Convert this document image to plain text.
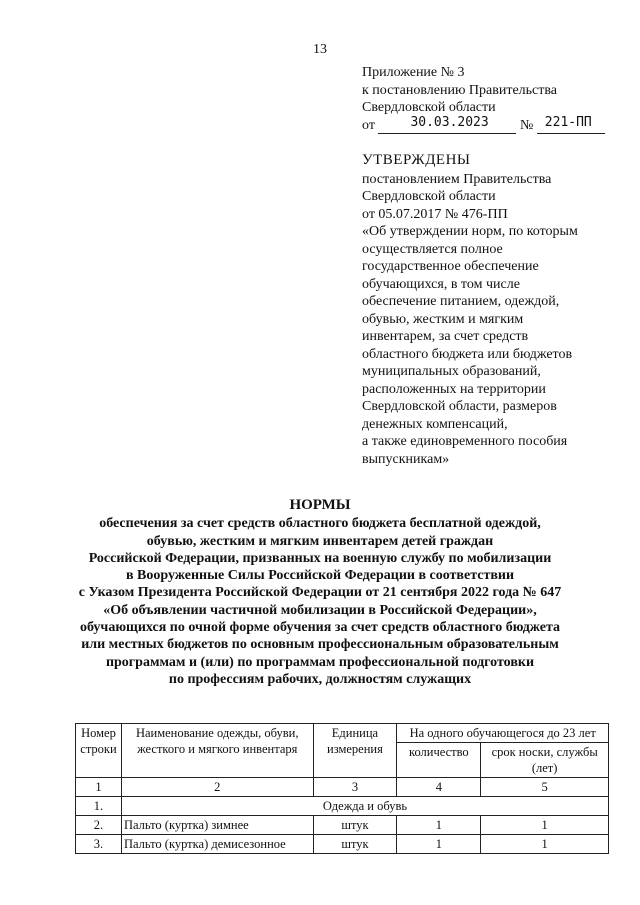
13
Приложение № 3
к постановлению Правительства
Свердловской области
от	30.03.2023 № 221-ПП
УТВЕРЖДЕНЫ
постановлением Правительства
Свердловской области
от 05.07.2017 № 476-ПП
«Об утверждении норм, по которым
осуществляется полное
государственное обеспечение
обучающихся, в том числе
обеспечение питанием, одеждой,
обувью, жестким и мягким
инвентарем, за счет средств
областного бюджета или бюджетов
муниципальных образований,
расположенных на территории
Свердловской области, размеров
денежных компенсаций,
а также единовременного пособия
выпускникам»
НОРМЫ
обеспечения за счет средств областного бюджета бесплатной одеждой,
обувью, жестким и мягким инвентарем детей граждан
Российской Федерации, призванных на военную службу по мобилизации
в Вооруженные Силы Российской Федерации в соответствии
с Указом Президента Российской Федерации от 21 сентября 2022 года № 647
«Об объявлении частичной мобилизации в Российской Федерации»,
обучающихся по очной форме обучения за счет средств областного бюджета
или местных бюджетов по основным профессиональным образовательным
программам и (или) по программам профессиональной подготовки
по профессиям рабочих, должностям служащих
Номер строки	Наименование одежды, обуви, жесткого и мягкого инвентаря	Единица измерения	На одного обучающегося до 23 лет	
			количество	срок носки, службы (лет)
1	2	3	4	5
1.	Одежда и обувь			
2.	Пальто (куртка) зимнее	штук	1	1
3.	Пальто (куртка) демисезонное	штук	1	1
